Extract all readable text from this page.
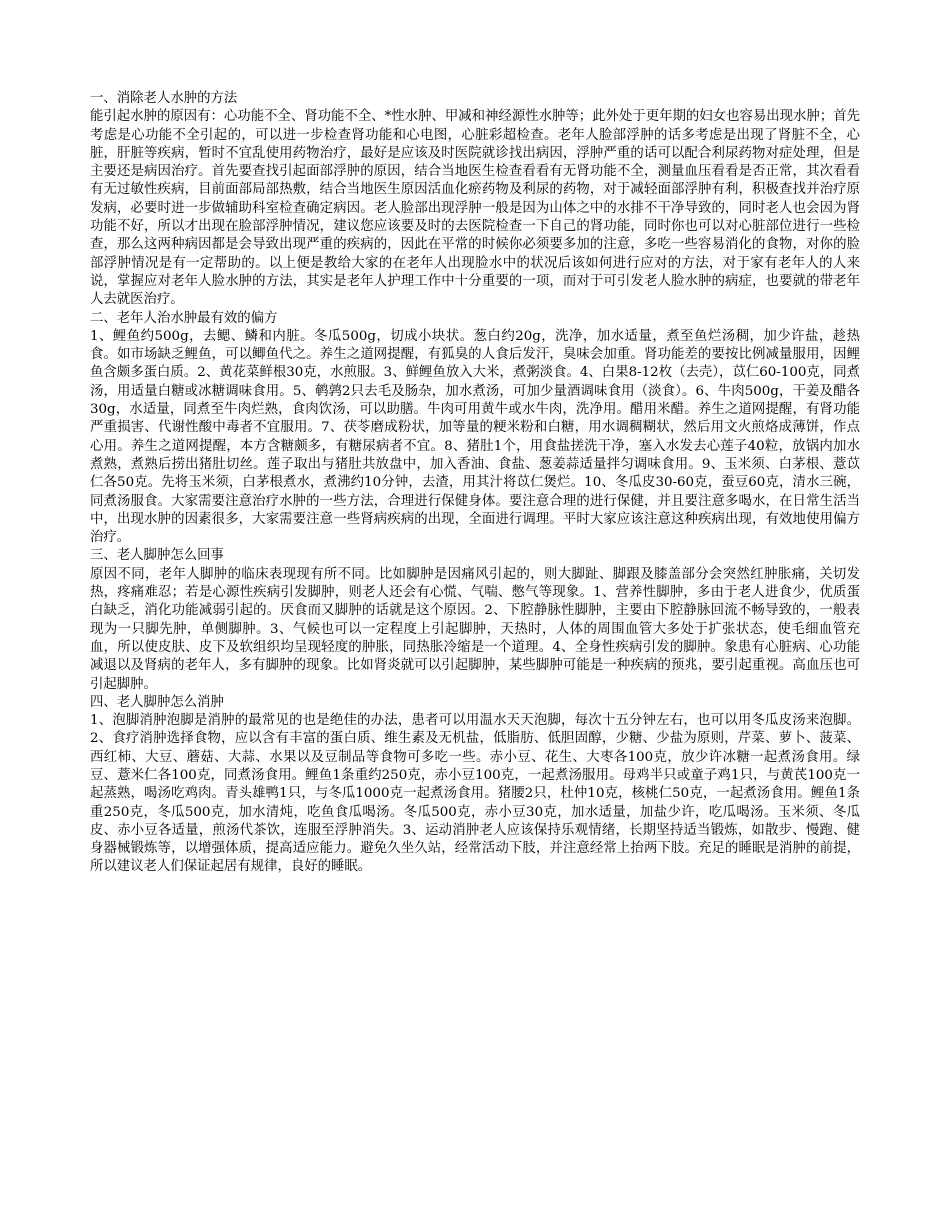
一、消除老人水肿的方法

能引起水肿的原因有：心功能不全、肾功能不全、*性水肿、甲减和神经源性水肿等；此外处于更年期的妇女也容易出现水肿；首先考虑是心功能不全引起的，可以进一步检查肾功能和心电图，心脏彩超检查。老年人脸部浮肿的话多考虑是出现了肾脏不全，心脏，肝脏等疾病，暂时不宜乱使用药物治疗，最好是应该及时医院就诊找出病因，浮肿严重的话可以配合利尿药物对症处理，但是主要还是病因治疗。首先要查找引起面部浮肿的原因，结合当地医生检查看看有无肾功能不全，测量血压看看是否正常，其次看看有无过敏性疾病，目前面部局部热敷，结合当地医生原因活血化瘀药物及利尿的药物，对于减轻面部浮肿有利，积极查找并治疗原发病，必要时进一步做辅助科室检查确定病因。老人脸部出现浮肿一般是因为山体之中的水排不干净导致的，同时老人也会因为肾功能不好，所以才出现在脸部浮肿情况，建议您应该要及时的去医院检查一下自己的肾功能，同时你也可以对心脏部位进行一些检查，那么这两种病因都是会导致出现严重的疾病的，因此在平常的时候你必须要多加的注意，多吃一些容易消化的食物，对你的脸部浮肿情况是有一定帮助的。以上便是教给大家的在老年人出现脸水中的状况后该如何进行应对的方法，对于家有老年人的人来说，掌握应对老年人脸水肿的方法，其实是老年人护理工作中十分重要的一项，而对于可引发老人脸水肿的病症，也要就的带老年人去就医治疗。

二、老年人治水肿最有效的偏方

1、鲤鱼约500g，去鳃、鳞和内脏。冬瓜500g，切成小块状。葱白约20g，洗净，加水适量，煮至鱼烂汤稠，加少许盐，趁热食。如市场缺乏鲤鱼，可以鲫鱼代之。养生之道网提醒，有狐臭的人食后发汗，臭味会加重。肾功能差的要按比例减量服用，因鲤鱼含颇多蛋白质。2、黄花菜鲜根30克，水煎服。3、鲜鲤鱼放入大米，煮粥淡食。4、白果8-12枚（去壳），苡仁60-100克，同煮汤，用适量白糖或冰糖调味食用。5、鹌鹑2只去毛及肠杂，加水煮汤，可加少量酒调味食用（淡食）。6、牛肉500g，干姜及醋各30g，水适量，同煮至牛肉烂熟，食肉饮汤，可以助膳。牛肉可用黄牛或水牛肉，洗净用。醋用米醋。养生之道网提醒，有肾功能严重损害、代谢性酸中毒者不宜服用。7、茯苓磨成粉状，加等量的粳米粉和白糖，用水调稠糊状，然后用文火煎烙成薄饼，作点心用。养生之道网提醒，本方含糖颇多，有糖尿病者不宜。8、猪肚1个，用食盐搓洗干净，塞入水发去心莲子40粒，放锅内加水煮熟，煮熟后捞出猪肚切丝。莲子取出与猪肚共放盘中，加入香油、食盐、葱姜蒜适量拌匀调味食用。9、玉米须、白茅根、薏苡仁各50克。先将玉米须，白茅根煮水，煮沸约10分钟，去渣，用其汁将苡仁煲烂。10、冬瓜皮30-60克，蚕豆60克，清水三碗，同煮汤服食。大家需要注意治疗水肿的一些方法，合理进行保健身体。要注意合理的进行保健，并且要注意多喝水，在日常生活当中，出现水肿的因素很多，大家需要注意一些肾病疾病的出现，全面进行调理。平时大家应该注意这种疾病出现，有效地使用偏方治疗。

三、老人脚肿怎么回事

原因不同，老年人脚肿的临床表现现有所不同。比如脚肿是因痛风引起的，则大脚趾、脚跟及膝盖部分会突然红肿胀痛，关切发热，疼痛难忍；若是心源性疾病引发脚肿，则老人还会有心慌、气喘、憋气等现象。1、营养性脚肿，多由于老人进食少，优质蛋白缺乏，消化功能减弱引起的。厌食而又脚肿的话就是这个原因。2、下腔静脉性脚肿，主要由下腔静脉回流不畅导致的，一般表现为一只脚先肿，单侧脚肿。3、气候也可以一定程度上引起脚肿，天热时，人体的周围血管大多处于扩张状态，使毛细血管充血，所以使皮肤、皮下及软组织均呈现轻度的肿胀，同热胀冷缩是一个道理。4、全身性疾病引发的脚肿。象患有心脏病、心功能减退以及肾病的老年人，多有脚肿的现象。比如肾炎就可以引起脚肿，某些脚肿可能是一种疾病的预兆，要引起重视。高血压也可引起脚肿。

四、老人脚肿怎么消肿

1、泡脚消肿泡脚是消肿的最常见的也是绝佳的办法，患者可以用温水天天泡脚，每次十五分钟左右，也可以用冬瓜皮汤来泡脚。2、食疗消肿选择食物，应以含有丰富的蛋白质、维生素及无机盐，低脂肪、低胆固醇，少糖、少盐为原则，芹菜、萝卜、菠菜、西红柿、大豆、蘑菇、大蒜、水果以及豆制品等食物可多吃一些。赤小豆、花生、大枣各100克，放少许冰糖一起煮汤食用。绿豆、薏米仁各100克，同煮汤食用。鲤鱼1条重约250克，赤小豆100克，一起煮汤服用。母鸡半只或童子鸡1只，与黄芪100克一起蒸熟，喝汤吃鸡肉。青头雄鸭1只，与冬瓜1000克一起煮汤食用。猪腰2只，杜仲10克，核桃仁50克，一起煮汤食用。鲤鱼1条重250克，冬瓜500克，加水清炖，吃鱼食瓜喝汤。冬瓜500克，赤小豆30克，加水适量，加盐少许，吃瓜喝汤。玉米须、冬瓜皮、赤小豆各适量，煎汤代茶饮，连服至浮肿消失。3、运动消肿老人应该保持乐观情绪，长期坚持适当锻炼，如散步、慢跑、健身器械锻炼等，以增强体质，提高适应能力。避免久坐久站，经常活动下肢，并注意经常上抬两下肢。充足的睡眠是消肿的前提，所以建议老人们保证起居有规律，良好的睡眠。
